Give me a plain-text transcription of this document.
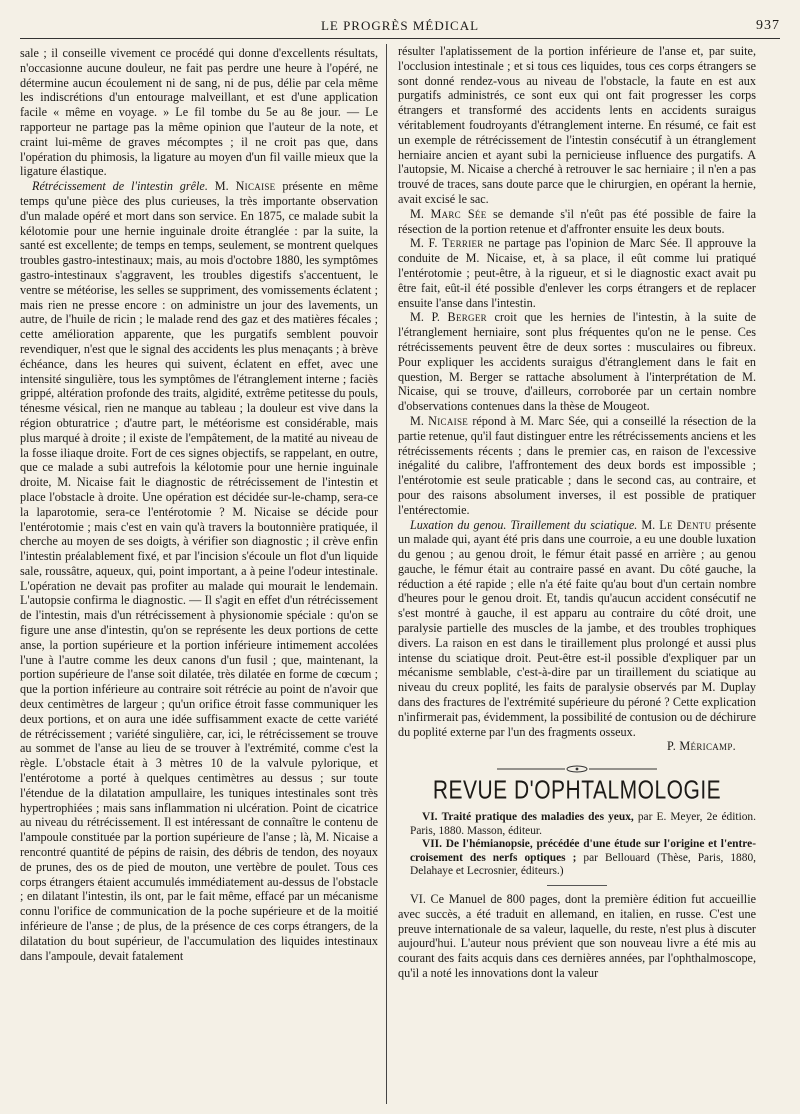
LE PROGRÈS MÉDICAL	937

sale ; il conseille vivement ce procédé qui donne d'excellents résultats, n'occasionne aucune douleur, ne fait pas perdre une heure à l'opéré, ne détermine aucun écoulement ni de sang, ni de pus, délie par cela même les indiscrétions d'un entourage malveillant, et est d'une application facile « même en voyage. » Le fil tombe du 5e au 8e jour. — Le rapporteur ne partage pas la même opinion que l'auteur de la note, et craint lui-même de graves mécomptes ; il ne croit pas que, dans l'opération du phimosis, la ligature au moyen d'un fil vaille mieux que la ligature élastique.

Rétrécissement de l'intestin grêle. M. Nicaise présente en même temps qu'une pièce des plus curieuses, la très importante observation d'un malade opéré et mort dans son service. En 1875, ce malade subit la kélotomie pour une hernie inguinale droite étranglée : par la suite, la santé est excellente; de temps en temps, seulement, se montrent quelques troubles gastro-intestinaux; mais, au mois d'octobre 1880, les symptômes gastro-intestinaux s'aggravent, les troubles digestifs s'accentuent, le ventre se météorise, les selles se suppriment, des vomissements éclatent ; mais rien ne presse encore : on administre un jour des lavements, un autre, de l'huile de ricin ; le malade rend des gaz et des matières fécales ; cette amélioration apparente, que les purgatifs semblent pouvoir revendiquer, n'est que le signal des accidents les plus menaçants ; à brève échéance, dans les heures qui suivent, éclatent en effet, avec une intensité singulière, tous les symptômes de l'étranglement interne ; faciès grippé, altération profonde des traits, algidité, extrême petitesse du pouls, ténesme vésical, rien ne manque au tableau ; la douleur est vive dans la région obturatrice ; d'autre part, le météorisme est considérable, mais plus marqué à droite ; il existe de l'empâtement, de la matité au niveau de la fosse iliaque droite. Fort de ces signes objectifs, se rappelant, en outre, que ce malade a subi autrefois la kélotomie pour une hernie inguinale droite, M. Nicaise fait le diagnostic de rétrécissement de l'intestin et place l'obstacle à droite. Une opération est décidée sur-le-champ, sera-ce la laparotomie, sera-ce l'entérotomie ? M. Nicaise se décide pour l'entérotomie ; mais c'est en vain qu'à travers la boutonnière pratiquée, il cherche au moyen de ses doigts, à vérifier son diagnostic ; il crève enfin l'intestin préalablement fixé, et par l'incision s'écoule un flot d'un liquide sale, roussâtre, aqueux, qui, point important, a à peine l'odeur intestinale. L'opération ne devait pas profiter au malade qui mourait le lendemain. L'autopsie confirma le diagnostic. — Il s'agit en effet d'un rétrécissement de l'intestin, mais d'un rétrécissement à physionomie spéciale : qu'on se figure une anse d'intestin, qu'on se représente les deux portions de cette anse, la portion supérieure et la portion inférieure intimement accolées l'une à l'autre comme les deux canons d'un fusil ; que, maintenant, la portion supérieure de l'anse soit dilatée, très dilatée en forme de cœcum ; que la portion inférieure au contraire soit rétrécie au point de n'avoir que deux centimètres de largeur ; qu'un orifice étroit fasse communiquer les deux portions, et on aura une idée suffisamment exacte de cette variété de rétrécissement ; variété singulière, car, ici, le rétrécissement se trouve au sommet de l'anse au lieu de se trouver à l'extrémité, comme c'est la règle. L'obstacle était à 3 mètres 10 de la valvule pylorique, et l'entérotome a porté à quelques centimètres au dessus ; sur toute l'étendue de la dilatation ampullaire, les tuniques intestinales sont très hypertrophiées ; mais sans inflammation ni ulcération. Point de cicatrice au niveau du rétrécissement. Il est intéressant de connaître le contenu de l'ampoule constituée par la portion supérieure de l'anse ; là, M. Nicaise a rencontré quantité de pépins de raisin, des débris de tendon, des noyaux de prunes, des os de pied de mouton, une vertèbre de poulet. Tous ces corps étrangers étaient accumulés immédiatement au-dessus de l'obstacle ; en dilatant l'intestin, ils ont, par le fait même, effacé par un mécanisme connu l'orifice de communication de la poche supérieure et de la moitié inférieure de l'anse ; de plus, de la présence de ces corps étrangers, de la dilatation du bout supérieur, de l'accumulation des liquides intestinaux dans l'ampoule, devait fatalement

résulter l'aplatissement de la portion inférieure de l'anse et, par suite, l'occlusion intestinale ; et si tous ces liquides, tous ces corps étrangers se sont donné rendez-vous au niveau de l'obstacle, la faute en est aux purgatifs administrés, ce sont eux qui ont fait progresser les corps étrangers et transformé des accidents lents en accidents suraigus véritablement foudroyants d'étranglement interne. En résumé, ce fait est un exemple de rétrécissement de l'intestin consécutif à un étranglement herniaire ancien et ayant subi la pernicieuse influence des purgatifs. A l'autopsie, M. Nicaise a cherché à retrouver le sac herniaire ; il n'en a pas trouvé de traces, sans doute parce que le chirurgien, en opérant la hernie, avait excisé le sac.

M. Marc Sée se demande s'il n'eût pas été possible de faire la résection de la portion retenue et d'affronter ensuite les deux bouts.

M. F. Terrier ne partage pas l'opinion de Marc Sée. Il approuve la conduite de M. Nicaise, et, à sa place, il eût comme lui pratiqué l'entérotomie ; peut-être, à la rigueur, et si le diagnostic exact avait pu être fait, eût-il été possible d'enlever les corps étrangers et de replacer ensuite l'anse dans l'intestin.

M. P. Berger croit que les hernies de l'intestin, à la suite de l'étranglement herniaire, sont plus fréquentes qu'on ne le pense. Ces rétrécissements peuvent être de deux sortes : musculaires ou fibreux. Pour expliquer les accidents suraigus d'étranglement dans le fait en question, M. Berger se rattache absolument à l'interprétation de M. Nicaise, qui se trouve, d'ailleurs, corroborée par un certain nombre d'observations contenues dans la thèse de Mougeot.

M. Nicaise répond à M. Marc Sée, qui a conseillé la résection de la partie retenue, qu'il faut distinguer entre les rétrécissements anciens et les rétrécissements récents ; dans le premier cas, en raison de l'excessive inégalité du calibre, l'affrontement des deux bords est impossible ; l'entérotomie est seule praticable ; dans le second cas, au contraire, et pour des raisons absolument inverses, il est possible de pratiquer l'entérectomie.

Luxation du genou. Tiraillement du sciatique. M. Le Dentu présente un malade qui, ayant été pris dans une courroie, a eu une double luxation du genou ; au genou droit, le fémur était passé en arrière ; au genou gauche, le fémur était au contraire passé en avant. Du côté gauche, la réduction a été rapide ; elle n'a été faite qu'au bout d'un certain nombre d'heures pour le genou droit. Et, tandis qu'aucun accident consécutif ne s'est montré à gauche, il est apparu au contraire du côté droit, une paralysie partielle des muscles de la jambe, et des troubles trophiques divers. La raison en est dans le tiraillement plus prolongé et aussi plus intense du sciatique droit. Peut-être est-il possible d'expliquer par un mécanisme semblable, c'est-à-dire par un tiraillement du sciatique au niveau du creux poplité, les faits de paralysie observés par M. Duplay dans des fractures de l'extrémité supérieure du péroné ? Cette explication n'infirmerait pas, évidemment, la possibilité de contusion ou de déchirure du poplité externe par l'un des fragments osseux.

P. Méricamp.

REVUE D'OPHTALMOLOGIE

VI. Traité pratique des maladies des yeux, par E. Meyer, 2e édition. Paris, 1880. Masson, éditeur.

VII. De l'hémianopsie, précédée d'une étude sur l'origine et l'entre-croisement des nerfs optiques ; par Bellouard (Thèse, Paris, 1880, Delahaye et Lecrosnier, éditeurs.)

VI. Ce Manuel de 800 pages, dont la première édition fut accueillie avec succès, a été traduit en allemand, en italien, en russe. C'est une preuve internationale de sa valeur, laquelle, du reste, n'est plus à discuter aujourd'hui. L'auteur nous prévient que son nouveau livre a été mis au courant des faits acquis dans ces dernières années, par l'ophthalmoscope, qu'il a noté les innovations dont la valeur
